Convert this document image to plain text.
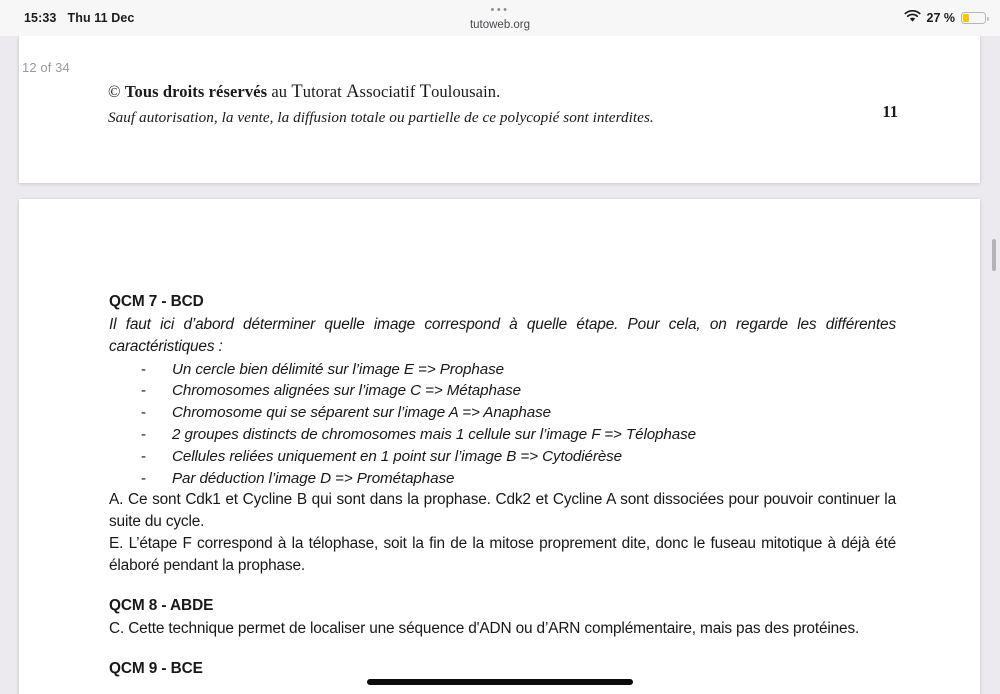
15:33 Thu 11 Dec
•••
tutoweb.org	27 %
12 of 34
© Tous droits réservés au Tutorat Associatif Toulousain.
Sauf autorisation, la vente, la diffusion totale ou partielle de ce polycopié sont interdites.	11
QCM 7 - BCD
Il faut ici d’abord déterminer quelle image correspond à quelle étape. Pour cela, on regarde les différentes caractéristiques :
- Un cercle bien délimité sur l’image E => Prophase
- Chromosomes alignées sur l’image C => Métaphase
- Chromosome qui se séparent sur l’image A => Anaphase
- 2 groupes distincts de chromosomes mais 1 cellule sur l’image F => Télophase
- Cellules reliées uniquement en 1 point sur l’image B => Cytodiérèse
- Par déduction l’image D => Prométaphase
A. Ce sont Cdk1 et Cycline B qui sont dans la prophase. Cdk2 et Cycline A sont dissociées pour pouvoir continuer la suite du cycle.
E. L’étape F correspond à la télophase, soit la fin de la mitose proprement dite, donc le fuseau mitotique à déjà été élaboré pendant la prophase.
QCM 8 - ABDE
C. Cette technique permet de localiser une séquence d'ADN ou d’ARN complémentaire, mais pas des protéines.
QCM 9 - BCE
